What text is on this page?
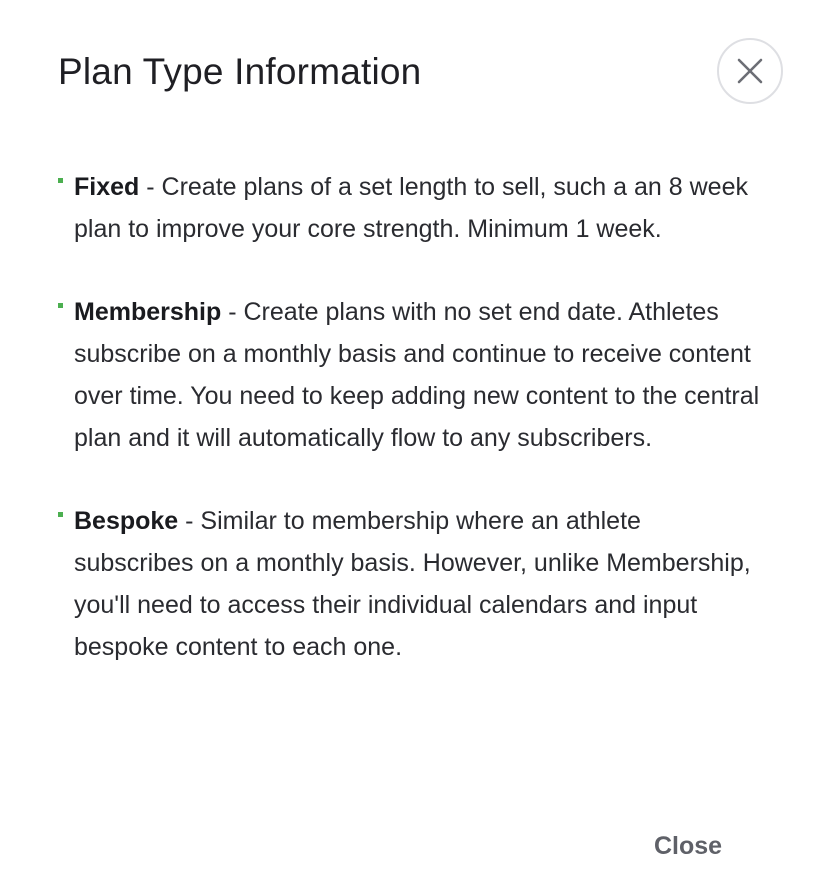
Plan Type Information
Fixed - Create plans of a set length to sell, such a an 8 week plan to improve your core strength. Minimum 1 week.
Membership - Create plans with no set end date. Athletes subscribe on a monthly basis and continue to receive content over time. You need to keep adding new content to the central plan and it will automatically flow to any subscribers.
Bespoke - Similar to membership where an athlete subscribes on a monthly basis. However, unlike Membership, you'll need to access their individual calendars and input bespoke content to each one.
Close
